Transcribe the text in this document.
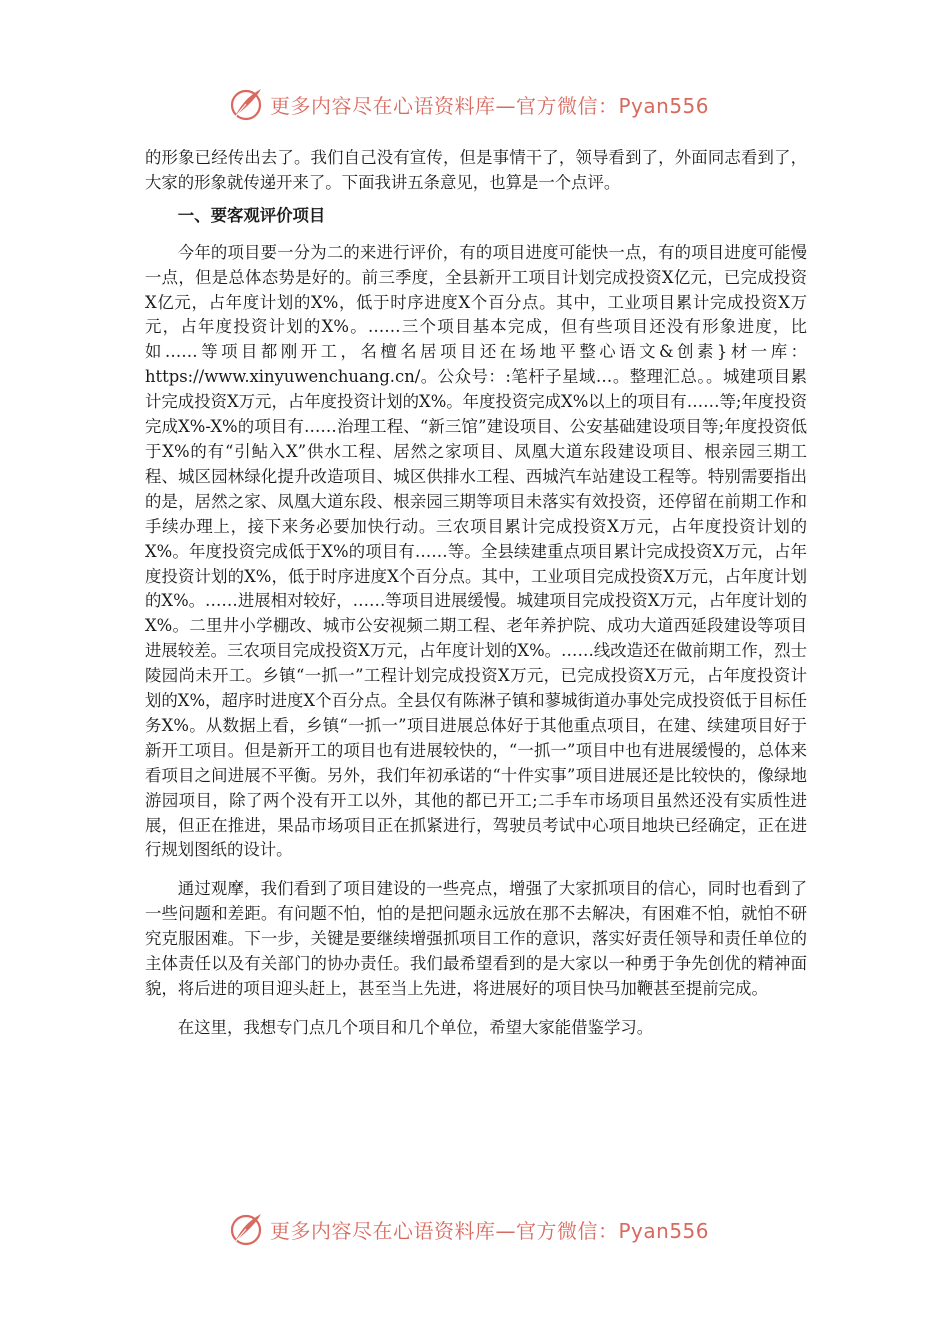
更多内容尽在心语资料库—官方微信：Pyan556

的形象已经传出去了。我们自己没有宣传，但是事情干了，领导看到了，外面同志看到了，大家的形象就传递开来了。下面我讲五条意见，也算是一个点评。

一、要客观评价项目

今年的项目要一分为二的来进行评价，有的项目进度可能快一点，有的项目进度可能慢一点，但是总体态势是好的。前三季度，全县新开工项目计划完成投资X亿元，已完成投资X亿元，占年度计划的X%，低于时序进度X个百分点。其中，工业项目累计完成投资X万元，占年度投资计划的X%。……三个项目基本完成，但有些项目还没有形象进度，比如……等项目都刚开工，名檀名居项目还在场地平整心语文&创素}材一库：https://www.xinyuwenchuang.cn/。公众号：:笔杆子星域…。整理汇总。。城建项目累计完成投资X万元，占年度投资计划的X%。年度投资完成X%以上的项目有……等;年度投资完成X%-X%的项目有……治理工程、“新三馆”建设项目、公安基础建设项目等;年度投资低于X%的有“引鲇入X”供水工程、居然之家项目、凤凰大道东段建设项目、根亲园三期工程、城区园林绿化提升改造项目、城区供排水工程、西城汽车站建设工程等。特别需要指出的是，居然之家、凤凰大道东段、根亲园三期等项目未落实有效投资，还停留在前期工作和手续办理上，接下来务必要加快行动。三农项目累计完成投资X万元，占年度投资计划的X%。年度投资完成低于X%的项目有……等。全县续建重点项目累计完成投资X万元，占年度投资计划的X%，低于时序进度X个百分点。其中，工业项目完成投资X万元，占年度计划的X%。……进展相对较好，……等项目进展缓慢。城建项目完成投资X万元，占年度计划的X%。二里井小学棚改、城市公安视频二期工程、老年养护院、成功大道西延段建设等项目进展较差。三农项目完成投资X万元，占年度计划的X%。……线改造还在做前期工作，烈士陵园尚未开工。乡镇“一抓一”工程计划完成投资X万元，已完成投资X万元，占年度投资计划的X%，超序时进度X个百分点。全县仅有陈淋子镇和蓼城街道办事处完成投资低于目标任务X%。从数据上看，乡镇“一抓一”项目进展总体好于其他重点项目，在建、续建项目好于新开工项目。但是新开工的项目也有进展较快的，“一抓一”项目中也有进展缓慢的，总体来看项目之间进展不平衡。另外，我们年初承诺的“十件实事”项目进展还是比较快的，像绿地游园项目，除了两个没有开工以外，其他的都已开工;二手车市场项目虽然还没有实质性进展，但正在推进，果品市场项目正在抓紧进行，驾驶员考试中心项目地块已经确定，正在进行规划图纸的设计。

通过观摩，我们看到了项目建设的一些亮点，增强了大家抓项目的信心，同时也看到了一些问题和差距。有问题不怕，怕的是把问题永远放在那不去解决，有困难不怕，就怕不研究克服困难。下一步，关键是要继续增强抓项目工作的意识，落实好责任领导和责任单位的主体责任以及有关部门的协办责任。我们最希望看到的是大家以一种勇于争先创优的精神面貌，将后进的项目迎头赶上，甚至当上先进，将进展好的项目快马加鞭甚至提前完成。

在这里，我想专门点几个项目和几个单位，希望大家能借鉴学习。

更多内容尽在心语资料库—官方微信：Pyan556
